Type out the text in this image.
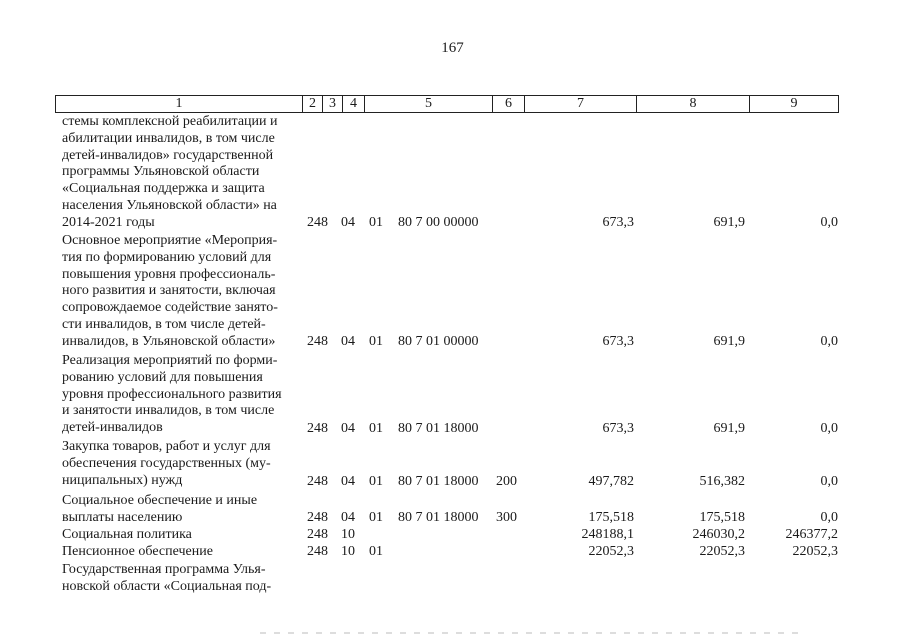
167
1	2 3	4	5	6	7	8	9
стемы комплексной реабилитации и
абилитации инвалидов, в том числе
детей-инвалидов» государственной
программы Ульяновской области
«Социальная поддержка и защита
населения Ульяновской области» на
2014-2021 годы	248 04 01 80 7 00 00000	673,3	691,9	0,0
Основное мероприятие «Мероприя-
тия по формированию условий для
повышения уровня профессиональ-
ного развития и занятости, включая
сопровождаемое содействие занято-
сти инвалидов, в том числе детей-
инвалидов, в Ульяновской области»	248 04 01 80 7 01 00000	673,3	691,9	0,0
Реализация мероприятий по форми-
рованию условий для повышения
уровня профессионального развития
и занятости инвалидов, в том числе
детей-инвалидов	248 04 01 80 7 01 18000	673,3	691,9	0,0
Закупка товаров, работ и услуг для
обеспечения государственных (му-
ниципальных) нужд	248 04 01 80 7 01 18000 200	497,782	516,382	0,0
Социальное обеспечение и иные
выплаты населению	248 04 01 80 7 01 18000 300	175,518	175,518	0,0
Социальная политика	248 10	248188,1	246030,2	246377,2
Пенсионное обеспечение	248 10 01	22052,3	22052,3	22052,3
Государственная программа Улья-
новской области «Социальная под-
